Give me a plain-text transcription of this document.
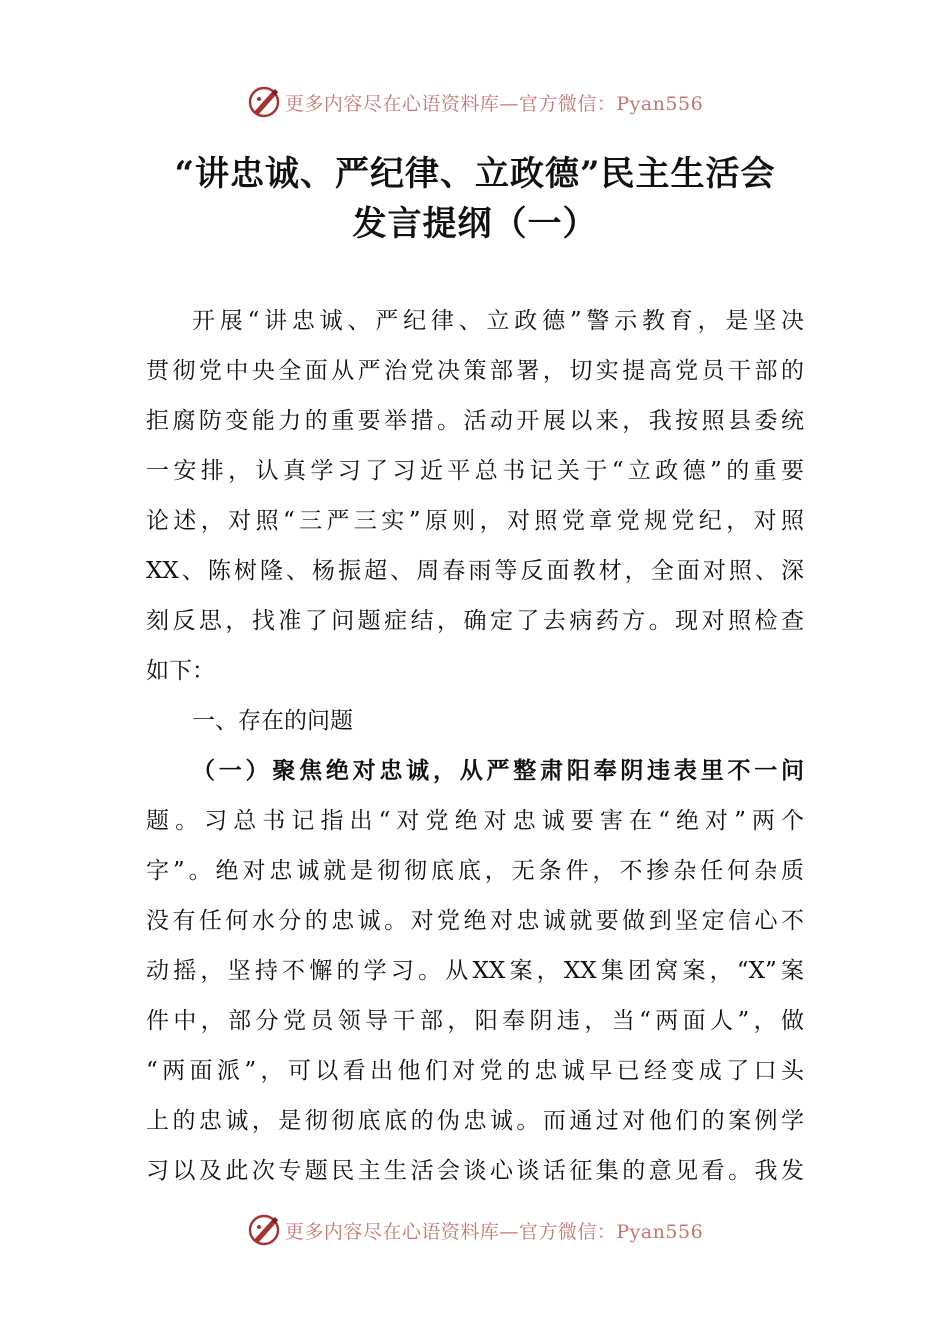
更多内容尽在心语资料库—官方微信：Pyan556
“讲忠诚、严纪律、立政德”民主生活会
发言提纲（一）
开展“讲忠诚、严纪律、立政德”警示教育，是坚决
贯彻党中央全面从严治党决策部署，切实提高党员干部的
拒腐防变能力的重要举措。活动开展以来，我按照县委统
一安排，认真学习了习近平总书记关于“立政德”的重要
论述，对照“三严三实”原则，对照党章党规党纪，对照
XX、陈树隆、杨振超、周春雨等反面教材，全面对照、深
刻反思，找准了问题症结，确定了去病药方。现对照检查
如下：
一、存在的问题
（一）聚焦绝对忠诚，从严整肃阳奉阴违表里不一问
题。习总书记指出“对党绝对忠诚要害在“绝对”两个
字”。绝对忠诚就是彻彻底底，无条件，不掺杂任何杂质
没有任何水分的忠诚。对党绝对忠诚就要做到坚定信心不
动摇，坚持不懈的学习。从XX案，XX集团窝案，“X”案
件中，部分党员领导干部，阳奉阴违，当“两面人”，做
“两面派”，可以看出他们对党的忠诚早已经变成了口头
上的忠诚，是彻彻底底的伪忠诚。而通过对他们的案例学
习以及此次专题民主生活会谈心谈话征集的意见看。我发
更多内容尽在心语资料库—官方微信：Pyan556
